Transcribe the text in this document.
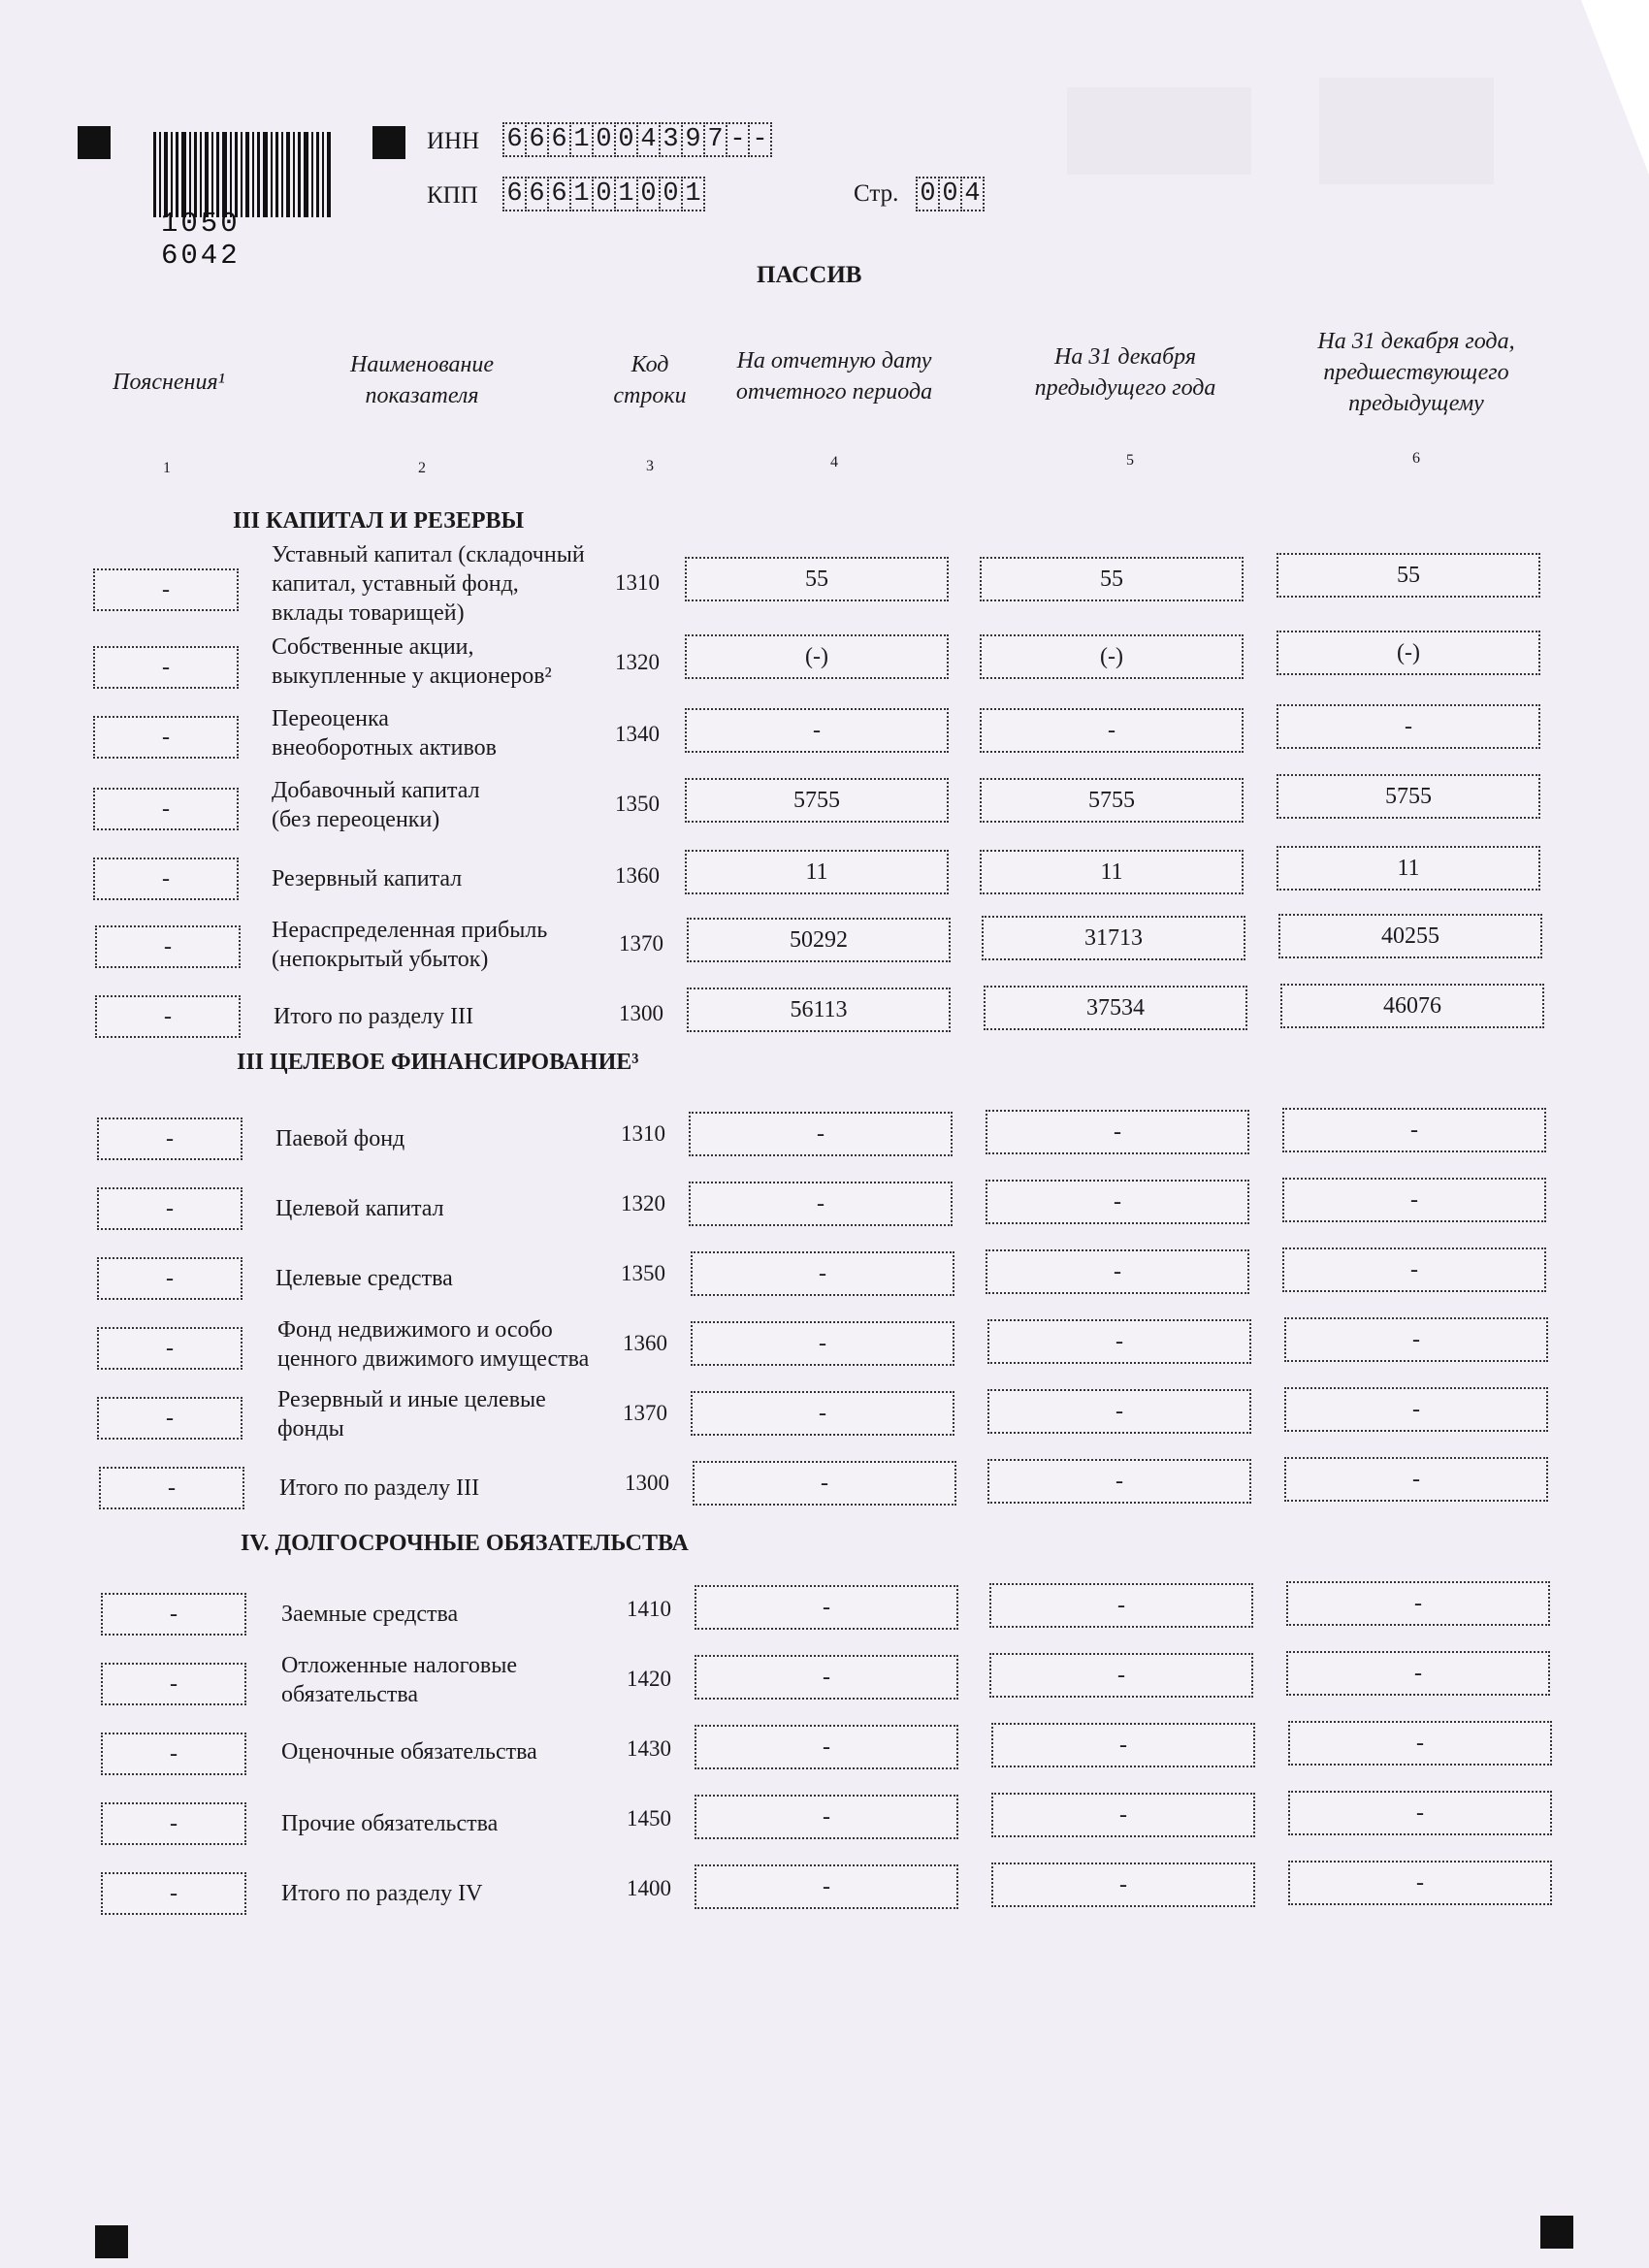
1050 6042
ИНН 6 6 6 1 0 0 4 3 9 7 - -
КПП 6 6 6 1 0 1 0 0 1	Стр. 0 0 4
ПАССИВ
Пояснения¹
Наименование
показателя
Код
строки
На отчетную дату
отчетного периода
На 31 декабря
предыдущего года
На 31 декабря года,
предшествующего
предыдущему
1	2	3	4	5	6
III КАПИТАЛ И РЕЗЕРВЫ
-
Уставный капитал (складочный
капитал, уставный фонд,
вклады товарищей)
1310	55	55	55
-
Собственные акции,
выкупленные у акционеров²
1320	(-)	(-)	(-)
-
Переоценка
внеоборотных активов
1340	-	-	-
-
Добавочный капитал
(без переоценки)
1350	5755	5755	5755
-	Резервный капитал	1360	11	11	11
-
Нераспределенная прибыль
(непокрытый убыток)
1370	50292	31713	40255
-	Итого по разделу III	1300	56113	37534	46076
III ЦЕЛЕВОЕ ФИНАНСИРОВАНИЕ³
-	Паевой фонд	1310	-	-	-
-	Целевой капитал	1320	-	-	-
-	Целевые средства	1350	-	-	-
-
Фонд недвижимого и особо
ценного движимого имущества
1360	-	-	-
-
Резервный и иные целевые
фонды
1370	-	-	-
-	Итого по разделу III	1300	-	-	-
IV. ДОЛГОСРОЧНЫЕ ОБЯЗАТЕЛЬСТВА
-	Заемные средства	1410	-	-	-
-
Отложенные налоговые
обязательства
1420	-	-	-
-	Оценочные обязательства	1430	-	-	-
-	Прочие обязательства	1450	-	-	-
-	Итого по разделу IV	1400	-	-	-
